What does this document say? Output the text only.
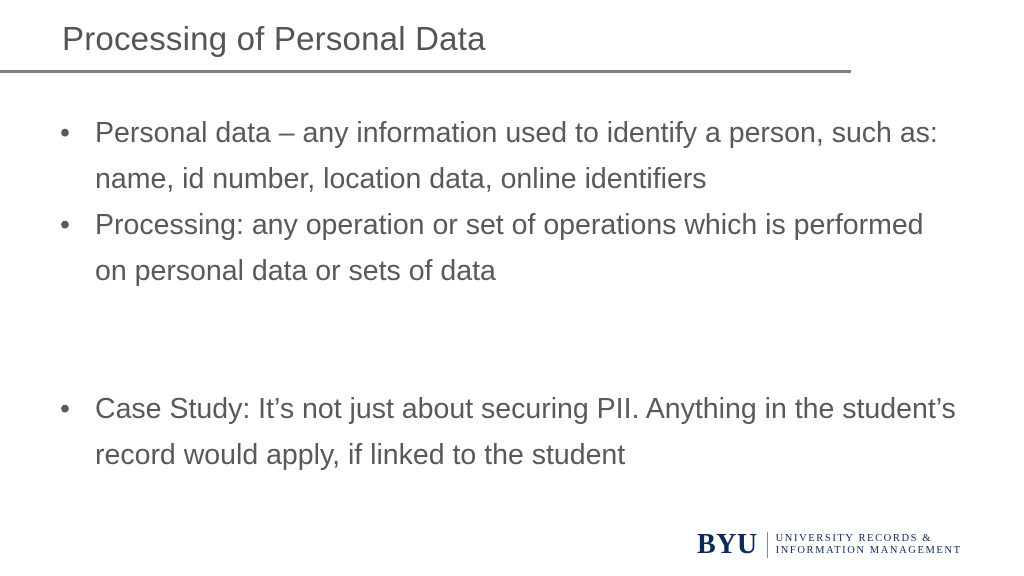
Processing of Personal Data
• Personal data – any information used to identify a person, such as: name, id number, location data, online identifiers
• Processing: any operation or set of operations which is performed on personal data or sets of data
• Case Study: It’s not just about securing PII. Anything in the student’s record would apply, if linked to the student
BYU UNIVERSITY RECORDS &
INFORMATION MANAGEMENT
